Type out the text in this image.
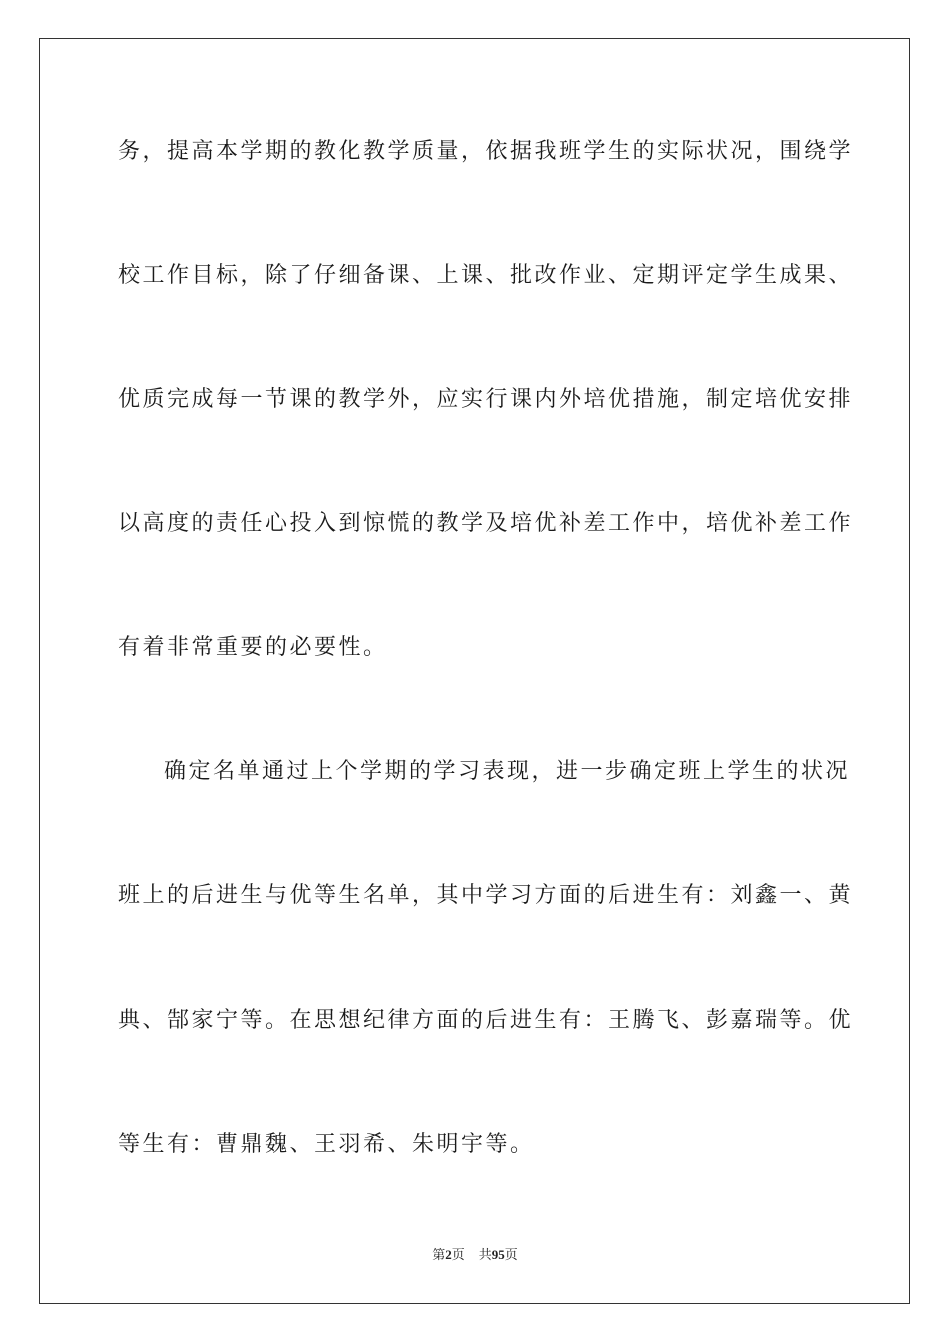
务，提高本学期的教化教学质量，依据我班学生的实际状况，围绕学
校工作目标，除了仔细备课、上课、批改作业、定期评定学生成果、
优质完成每一节课的教学外，应实行课内外培优措施，制定培优安排
以高度的责任心投入到惊慌的教学及培优补差工作中，培优补差工作
有着非常重要的必要性。
确定名单通过上个学期的学习表现，进一步确定班上学生的状况
班上的后进生与优等生名单，其中学习方面的后进生有：刘鑫一、黄
典、郜家宁等。在思想纪律方面的后进生有：王腾飞、彭嘉瑞等。优
等生有：曹鼎魏、王羽希、朱明宇等。
第2页 共95页
